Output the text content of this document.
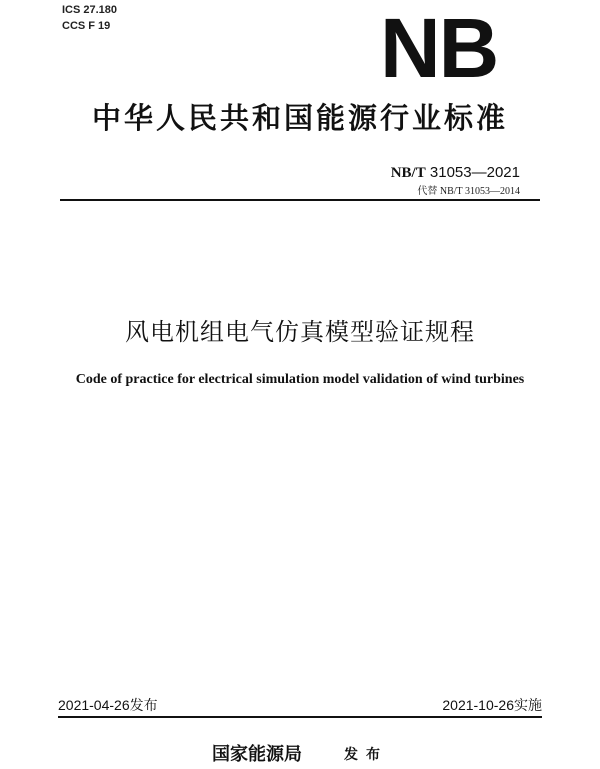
ICS 27.180
CCS F 19	NB
中华人民共和国能源行业标准
NB/T 31053—2021
代替 NB/T 31053—2014
风电机组电气仿真模型验证规程
Code of practice for electrical simulation model validation of wind turbines
2021-04-26发布	2021-10-26实施
国家能源局	发布
